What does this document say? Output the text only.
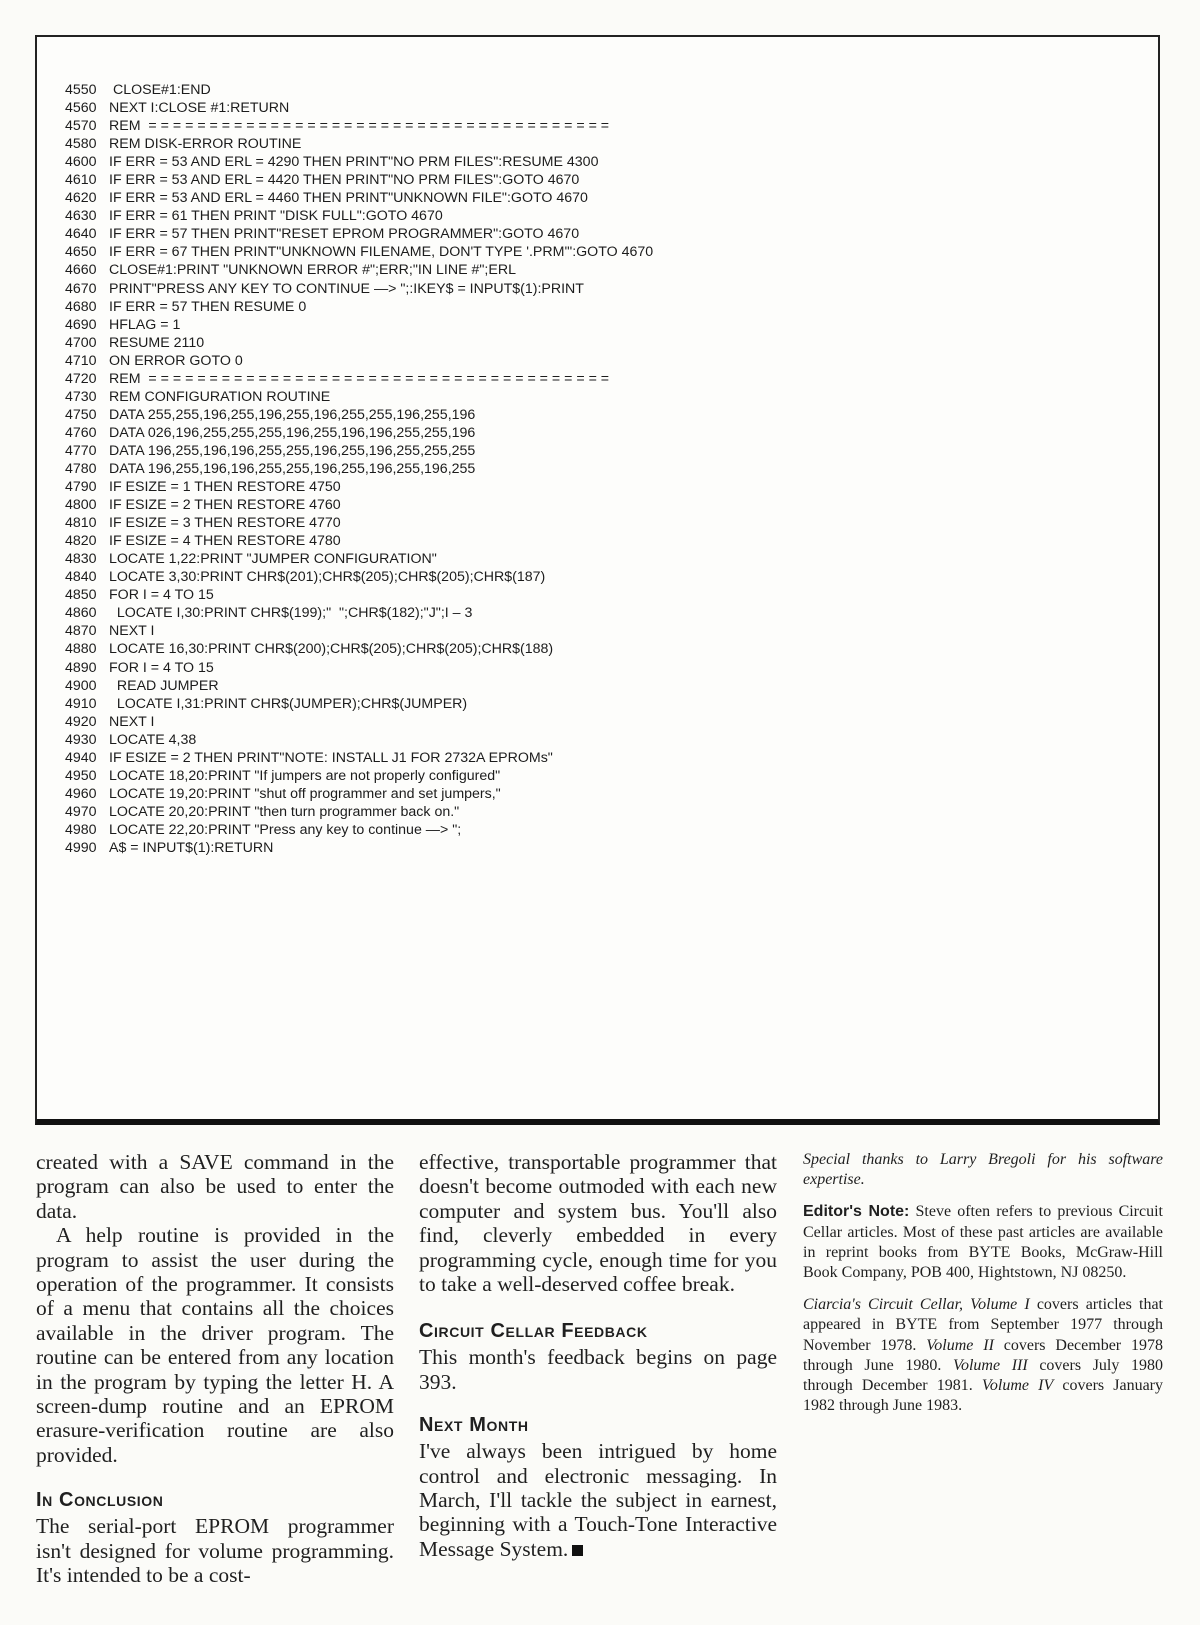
4550 CLOSE#1:END
4560 NEXT I:CLOSE #1:RETURN
4570 REM  = = = = = = = = = = = = = = = = = = = = = = = = = = = = = = = = = = = = = =
4580 REM DISK-ERROR ROUTINE
4600 IF ERR = 53 AND ERL = 4290 THEN PRINT"NO PRM FILES":RESUME 4300
4610 IF ERR = 53 AND ERL = 4420 THEN PRINT"NO PRM FILES":GOTO 4670
4620 IF ERR = 53 AND ERL = 4460 THEN PRINT"UNKNOWN FILE":GOTO 4670
4630 IF ERR = 61 THEN PRINT "DISK FULL":GOTO 4670
4640 IF ERR = 57 THEN PRINT"RESET EPROM PROGRAMMER":GOTO 4670
4650 IF ERR = 67 THEN PRINT"UNKNOWN FILENAME, DON'T TYPE '.PRM'":GOTO 4670
4660 CLOSE#1:PRINT "UNKNOWN ERROR #";ERR;"IN LINE #";ERL
4670 PRINT"PRESS ANY KEY TO CONTINUE —> ";:IKEY$ = INPUT$(1):PRINT
4680 IF ERR = 57 THEN RESUME 0
4690 HFLAG = 1
4700 RESUME 2110
4710 ON ERROR GOTO 0
4720 REM  = = = = = = = = = = = = = = = = = = = = = = = = = = = = = = = = = = = = = =
4730 REM CONFIGURATION ROUTINE
4750 DATA 255,255,196,255,196,255,196,255,255,196,255,196
4760 DATA 026,196,255,255,255,196,255,196,196,255,255,196
4770 DATA 196,255,196,196,255,255,196,255,196,255,255,255
4780 DATA 196,255,196,196,255,255,196,255,196,255,196,255
4790 IF ESIZE = 1 THEN RESTORE 4750
4800 IF ESIZE = 2 THEN RESTORE 4760
4810 IF ESIZE = 3 THEN RESTORE 4770
4820 IF ESIZE = 4 THEN RESTORE 4780
4830 LOCATE 1,22:PRINT "JUMPER CONFIGURATION"
4840 LOCATE 3,30:PRINT CHR$(201);CHR$(205);CHR$(205);CHR$(187)
4850 FOR I = 4 TO 15
4860  LOCATE I,30:PRINT CHR$(199);"  ";CHR$(182);"J";I – 3
4870 NEXT I
4880 LOCATE 16,30:PRINT CHR$(200);CHR$(205);CHR$(205);CHR$(188)
4890 FOR I = 4 TO 15
4900  READ JUMPER
4910  LOCATE I,31:PRINT CHR$(JUMPER);CHR$(JUMPER)
4920 NEXT I
4930 LOCATE 4,38
4940 IF ESIZE = 2 THEN PRINT"NOTE: INSTALL J1 FOR 2732A EPROMs"
4950 LOCATE 18,20:PRINT "If jumpers are not properly configured"
4960 LOCATE 19,20:PRINT "shut off programmer and set jumpers,"
4970 LOCATE 20,20:PRINT "then turn programmer back on."
4980 LOCATE 22,20:PRINT "Press any key to continue —> ";
4990 A$ = INPUT$(1):RETURN

created with a SAVE command in the program can also be used to enter the data.

A help routine is provided in the program to assist the user during the operation of the programmer. It consists of a menu that contains all the choices available in the driver program. The routine can be entered from any location in the program by typing the letter H. A screen-dump routine and an EPROM erasure-verification routine are also provided.

In Conclusion

The serial-port EPROM programmer isn't designed for volume programming. It's intended to be a cost-

effective, transportable programmer that doesn't become outmoded with each new computer and system bus. You'll also find, cleverly embedded in every programming cycle, enough time for you to take a well-deserved coffee break.

Circuit Cellar Feedback

This month's feedback begins on page 393.

Next Month

I've always been intrigued by home control and electronic messaging. In March, I'll tackle the subject in earnest, beginning with a Touch-Tone Interactive Message System.

Special thanks to Larry Bregoli for his software expertise.

Editor's Note: Steve often refers to previous Circuit Cellar articles. Most of these past articles are available in reprint books from BYTE Books, McGraw-Hill Book Company, POB 400, Hightstown, NJ 08250.

Ciarcia's Circuit Cellar, Volume I covers articles that appeared in BYTE from September 1977 through November 1978. Volume II covers December 1978 through June 1980. Volume III covers July 1980 through December 1981. Volume IV covers January 1982 through June 1983.
